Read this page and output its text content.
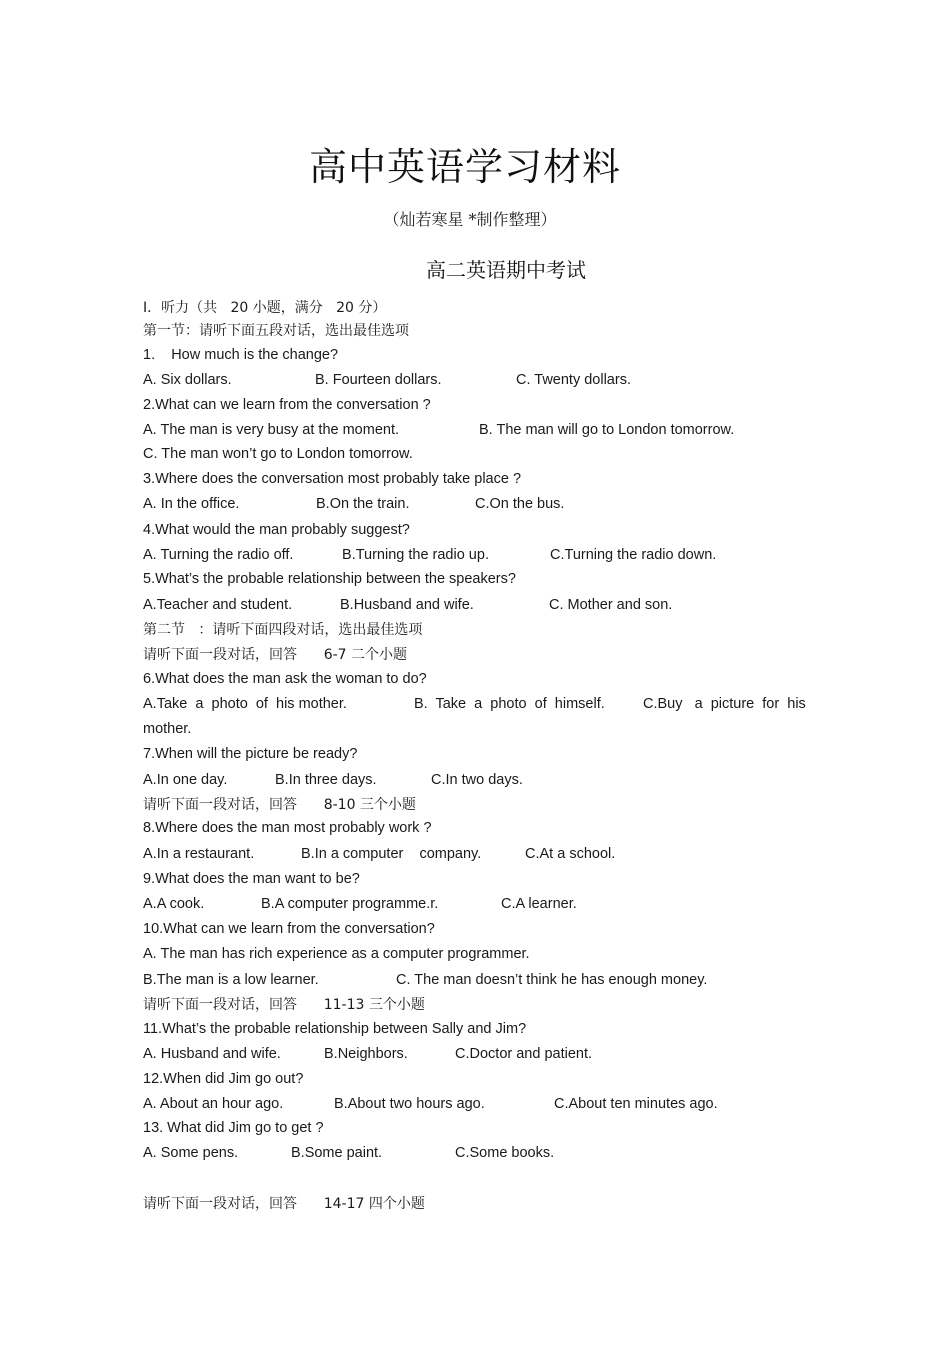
高中英语学习材料
（灿若寒星 *制作整理）
高二英语期中考试
I．听力（共   20 小题，满分   20 分）
第一节：请听下面五段对话，选出最佳选项
1.    How much is the change?
A. Six dollars.	B. Fourteen dollars.	C. Twenty dollars.
2.What can we learn from the conversation ?
A. The man is very busy at the moment.	B. The man will go to London tomorrow.
C. The man won’t go to London tomorrow.
3.Where does the conversation most probably take place ?
A. In the office.	B.On the train.	C.On the bus.
4.What would the man probably suggest?
A. Turning the radio off.	B.Turning the radio up.	C.Turning the radio down.
5.What’s the probable relationship between the speakers?
A.Teacher and student.	B.Husband and wife.	C. Mother and son.
第二节   ：请听下面四段对话，选出最佳选项
请听下面一段对话，回答      6-7 二个小题
6.What does the man ask the woman to do?
A.Take  a  photo  of  his mother.	B.  Take  a  photo  of  himself.	C.Buy   a  picture  for  his
mother.
7.When will the picture be ready?
A.In one day.	B.In three days.	C.In two days.
请听下面一段对话，回答      8-10 三个小题
8.Where does the man most probably work ?
A.In a restaurant.	B.In a computer    company.	C.At a school.
9.What does the man want to be?
A.A cook.	B.A computer programme.r.	C.A learner.
10.What can we learn from the conversation?
A. The man has rich experience as a computer programmer.
B.The man is a low learner.	C. The man doesn’t think he has enough money.
请听下面一段对话，回答      11-13 三个小题
11.What’s the probable relationship between Sally and Jim?
A. Husband and wife.	B.Neighbors.	C.Doctor and patient.
12.When did Jim go out?
A. About an hour ago.	B.About two hours ago.	C.About ten minutes ago.
13. What did Jim go to get ?
A. Some pens.	B.Some paint.	C.Some books.
请听下面一段对话，回答      14-17 四个小题
